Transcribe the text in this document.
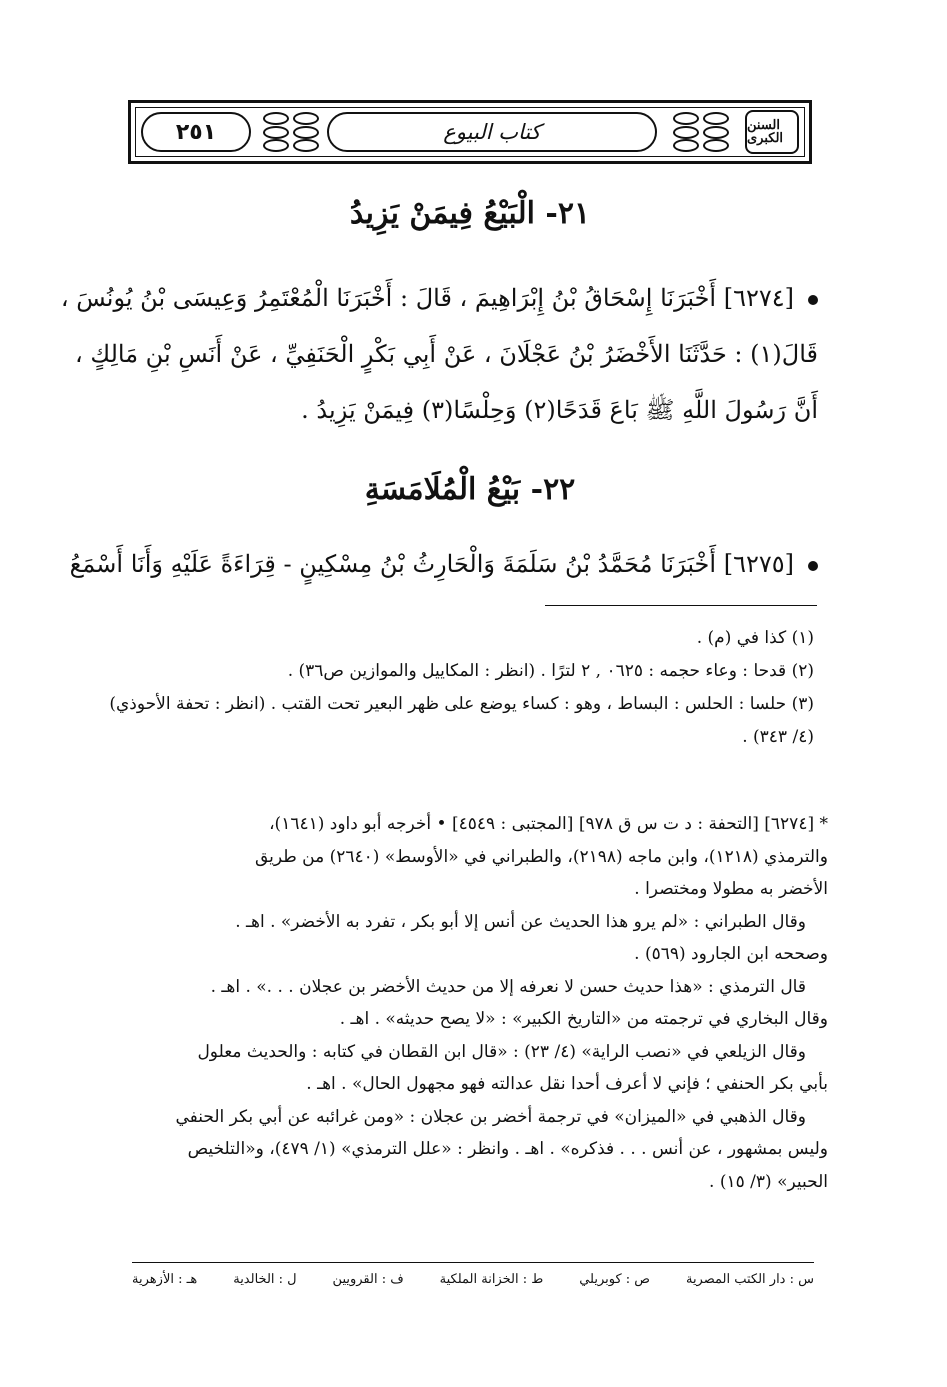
٢٥١	كتاب البيوع	السنن الكبرى
٢١- الْبَيْعُ فِيمَنْ يَزِيدُ
[٦٢٧٤] أَخْبَرَنَا إِسْحَاقُ بْنُ إِبْرَاهِيمَ ، قَالَ : أَخْبَرَنَا الْمُعْتَمِرُ وَعِيسَى بْنُ يُونُسَ ،
قَالَ(١) : حَدَّثَنَا الأَخْضَرُ بْنُ عَجْلَانَ ، عَنْ أَبِي بَكْرٍ الْحَنَفِيِّ ، عَنْ أَنَسِ بْنِ مَالِكٍ ،
أَنَّ رَسُولَ اللَّهِ ﷺ بَاعَ قَدَحًا(٢) وَحِلْسًا(٣) فِيمَنْ يَزِيدُ .
٢٢- بَيْعُ الْمُلَامَسَةِ
[٦٢٧٥] أَخْبَرَنَا مُحَمَّدُ بْنُ سَلَمَةَ وَالْحَارِثُ بْنُ مِسْكِينٍ - قِرَاءَةً عَلَيْهِ وَأَنَا أَسْمَعُ
(١) كذا في (م) .
(٢) قدحا : وعاء حجمه : ٠٦٢٥ , ٢ لترًا . (انظر : المكاييل والموازين ص٣٦) .
(٣) حلسا : الحلس : البساط ، وهو : كساء يوضع على ظهر البعير تحت القتب . (انظر : تحفة الأحوذي)
(٤/ ٣٤٣) .
* [٦٢٧٤] [التحفة : د ت س ق ٩٧٨] [المجتبى : ٤٥٤٩] • أخرجه أبو داود (١٦٤١)،
والترمذي (١٢١٨)، وابن ماجه (٢١٩٨)، والطبراني في «الأوسط» (٢٦٤٠) من طريق
الأخضر به مطولا ومختصرا .
وقال الطبراني : «لم يرو هذا الحديث عن أنس إلا أبو بكر ، تفرد به الأخضر» . اهـ .
وصححه ابن الجارود (٥٦٩) .
قال الترمذي : «هذا حديث حسن لا نعرفه إلا من حديث الأخضر بن عجلان . . .» . اهـ .
وقال البخاري في ترجمته من «التاريخ الكبير» : «لا يصح حديثه» . اهـ .
وقال الزيلعي في «نصب الراية» (٤/ ٢٣) : «قال ابن القطان في كتابه : والحديث معلول
بأبي بكر الحنفي ؛ فإني لا أعرف أحدا نقل عدالته فهو مجهول الحال» . اهـ .
وقال الذهبي في «الميزان» في ترجمة أخضر بن عجلان : «ومن غرائبه عن أبي بكر الحنفي
وليس بمشهور ، عن أنس . . . فذكره» . اهـ . وانظر : «علل الترمذي» (١/ ٤٧٩)، و«التلخيص
الحبير» (٣/ ١٥) .
س : دار الكتب المصرية
ص : كوبريلي
ط : الخزانة الملكية
ف : القرويين
ل : الخالدية
هـ : الأزهرية
